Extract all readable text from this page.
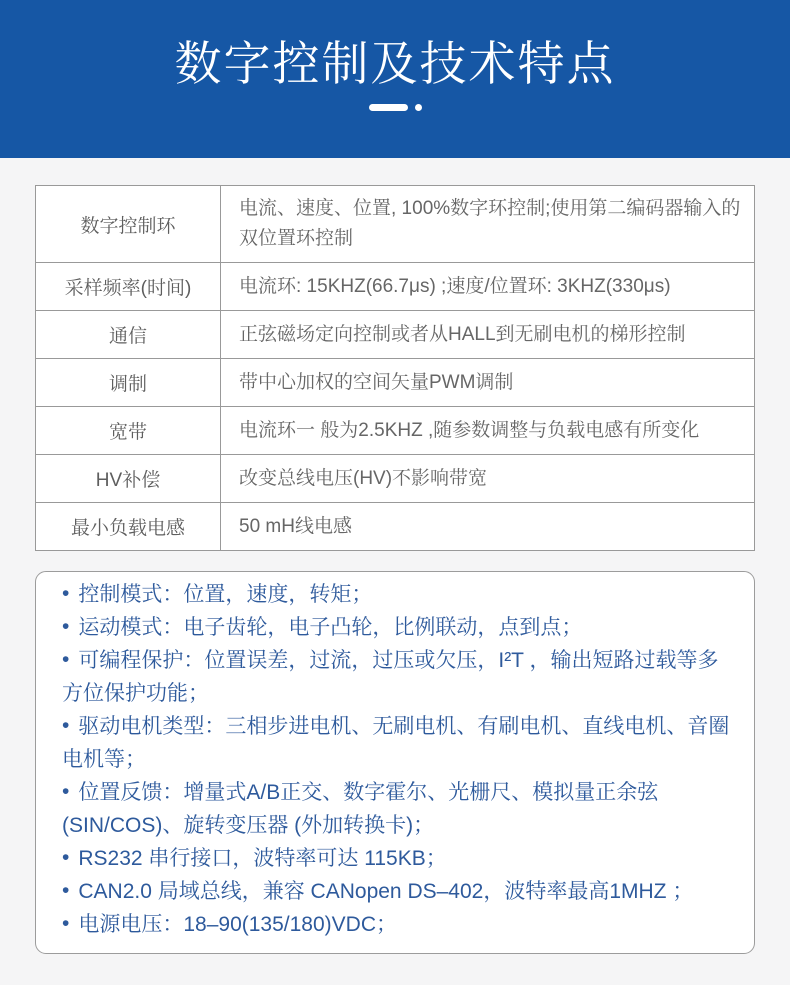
数字控制及技术特点
数字控制环	电流、速度、位置, 100%数字环控制;使用第二编码器输入的双位置环控制
采样频率(时间)	电流环: 15KHZ(66.7μs) ;速度/位置环: 3KHZ(330μs)
通信	正弦磁场定向控制或者从HALL到无刷电机的梯形控制
调制	带中心加权的空间矢量PWM调制
宽带	电流环一 般为2.5KHZ ,随参数调整与负载电感有所变化
HV补偿	改变总线电压(HV)不影响带宽
最小负载电感	50 mH线电感
• 控制模式：位置，速度，转矩；
• 运动模式：电子齿轮，电子凸轮，比例联动，点到点；
• 可编程保护：位置误差，过流，过压或欠压，I²T ，输出短路过载等多方位保护功能；
• 驱动电机类型：三相步进电机、无刷电机、有刷电机、直线电机、音圈电机等；
• 位置反馈：增量式A/B正交、数字霍尔、光栅尺、模拟量正余弦(SIN/COS)、旋转变压器 (外加转换卡)；
• RS232 串行接口，波特率可达 115KB；
• CAN2.0 局域总线，兼容 CANopen DS–402，波特率最高1MHZ ；
• 电源电压：18–90(135/180)VDC；
